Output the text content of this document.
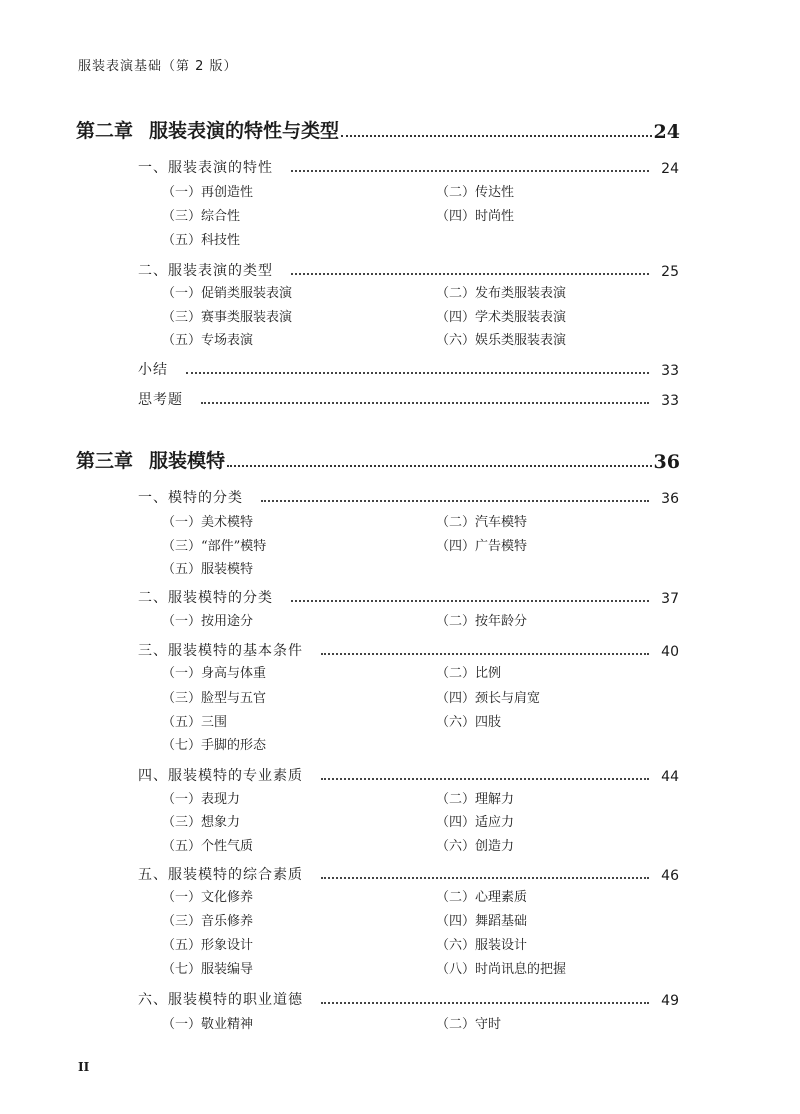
服装表演基础（第 2 版）
第二章 服装表演的特性与类型	24
一、服装表演的特性	24
（一）再创造性	（二）传达性
（三）综合性	（四）时尚性
（五）科技性
二、服装表演的类型	25
（一）促销类服装表演	（二）发布类服装表演
（三）赛事类服装表演	（四）学术类服装表演
（五）专场表演	（六）娱乐类服装表演
小结	33
思考题	33
第三章 服装模特	36
一、模特的分类	36
（一）美术模特	（二）汽车模特
（三）“部件”模特	（四）广告模特
（五）服装模特
二、服装模特的分类	37
（一）按用途分	（二）按年龄分
三、服装模特的基本条件	40
（一）身高与体重	（二）比例
（三）脸型与五官	（四）颈长与肩宽
（五）三围	（六）四肢
（七）手脚的形态
四、服装模特的专业素质	44
（一）表现力	（二）理解力
（三）想象力	（四）适应力
（五）个性气质	（六）创造力
五、服装模特的综合素质	46
（一）文化修养	（二）心理素质
（三）音乐修养	（四）舞蹈基础
（五）形象设计	（六）服装设计
（七）服装编导	（八）时尚讯息的把握
六、服装模特的职业道德	49
（一）敬业精神	（二）守时
II
